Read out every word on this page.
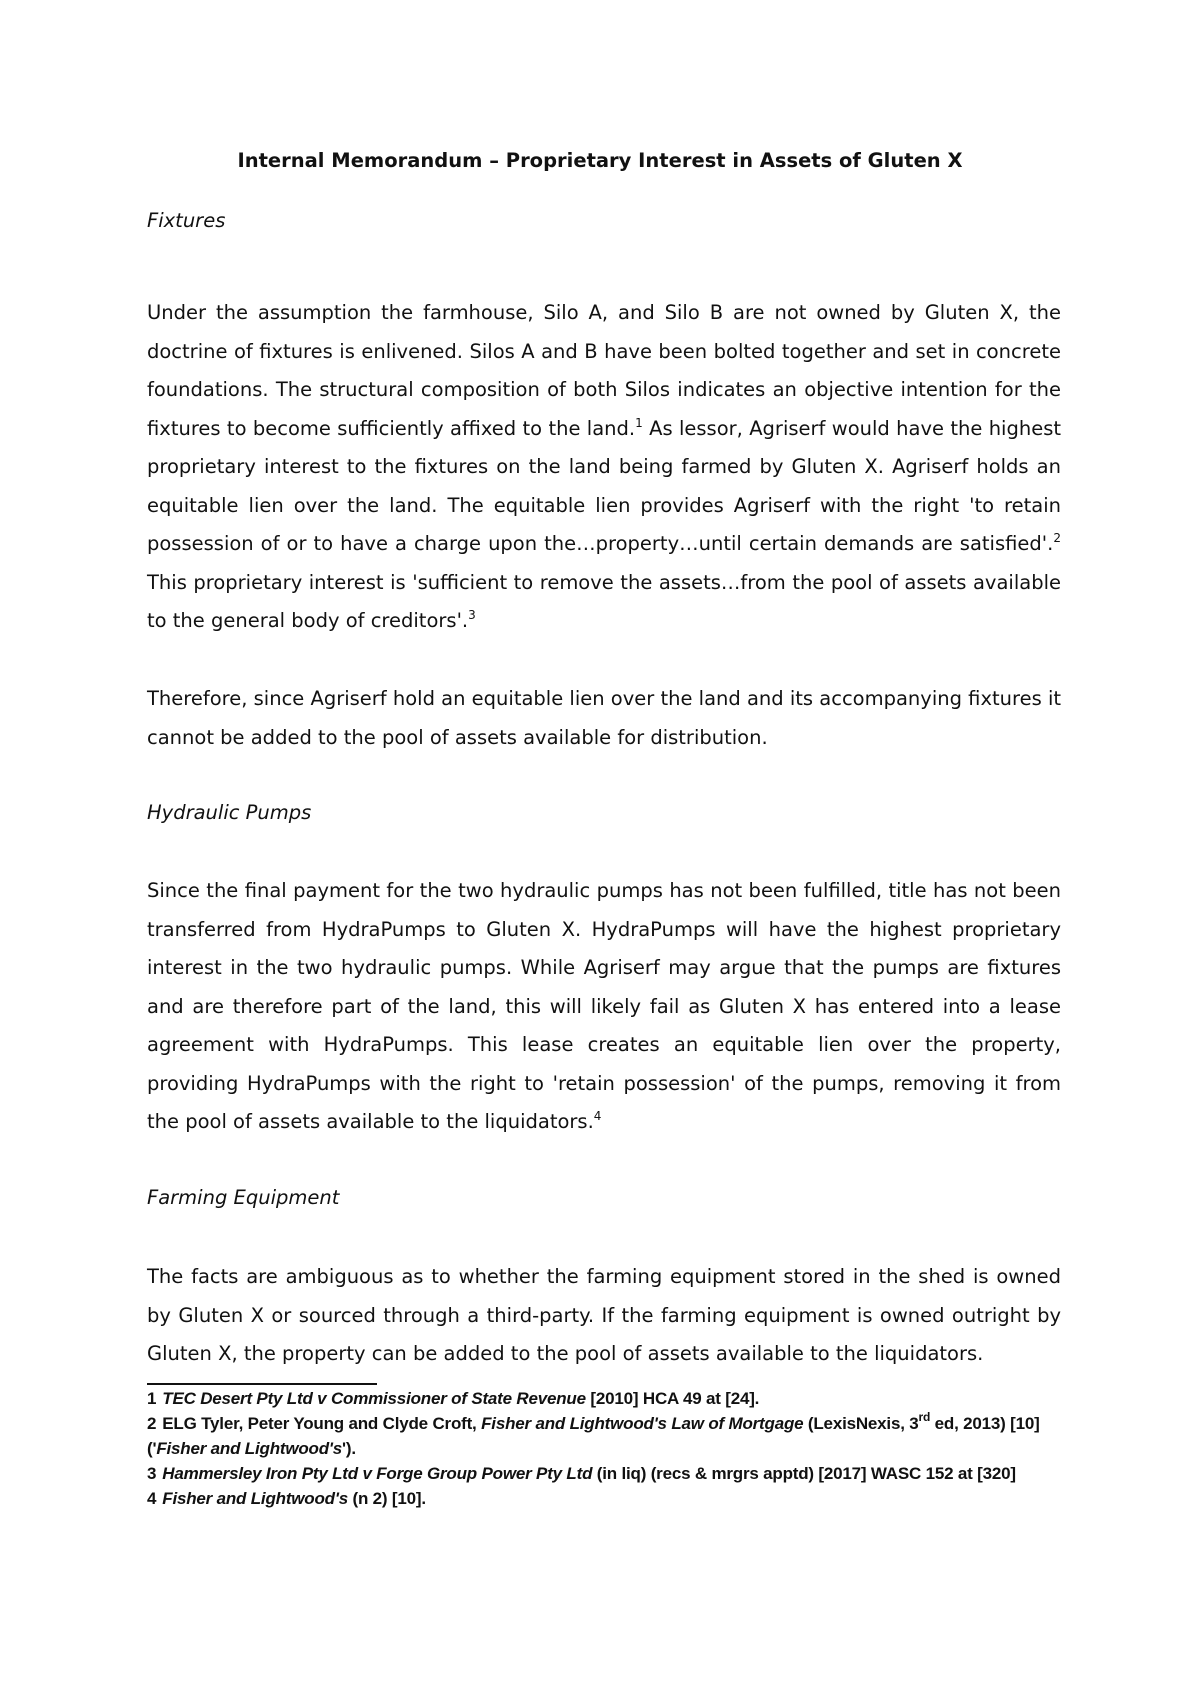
Internal Memorandum – Proprietary Interest in Assets of Gluten X
Fixtures
Under the assumption the farmhouse, Silo A, and Silo B are not owned by Gluten X, the doctrine of fixtures is enlivened. Silos A and B have been bolted together and set in concrete foundations. The structural composition of both Silos indicates an objective intention for the fixtures to become sufficiently affixed to the land.$^1$ As lessor, Agriserf would have the highest proprietary interest to the fixtures on the land being farmed by Gluten X. Agriserf holds an equitable lien over the land. The equitable lien provides Agriserf with the right 'to retain possession of or to have a charge upon the…property…until certain demands are satisfied'.$^2$ This proprietary interest is 'sufficient to remove the assets…from the pool of assets available to the general body of creditors'.$^3$
Therefore, since Agriserf hold an equitable lien over the land and its accompanying fixtures it cannot be added to the pool of assets available for distribution.
Hydraulic Pumps
Since the final payment for the two hydraulic pumps has not been fulfilled, title has not been transferred from HydraPumps to Gluten X. HydraPumps will have the highest proprietary interest in the two hydraulic pumps. While Agriserf may argue that the pumps are fixtures and are therefore part of the land, this will likely fail as Gluten X has entered into a lease agreement with HydraPumps. This lease creates an equitable lien over the property, providing HydraPumps with the right to 'retain possession' of the pumps, removing it from the pool of assets available to the liquidators.$^4$
Farming Equipment
The facts are ambiguous as to whether the farming equipment stored in the shed is owned by Gluten X or sourced through a third-party. If the farming equipment is owned outright by Gluten X, the property can be added to the pool of assets available to the liquidators.

1 TEC Desert Pty Ltd v Commissioner of State Revenue [2010] HCA 49 at [24].

2 ELG Tyler, Peter Young and Clyde Croft, Fisher and Lightwood's Law of Mortgage (LexisNexis, 3rd ed, 2013) [10] ('Fisher and Lightwood's').

3 Hammersley Iron Pty Ltd v Forge Group Power Pty Ltd (in liq) (recs & mrgrs apptd) [2017] WASC 152 at [320]

4 Fisher and Lightwood's (n 2) [10].
